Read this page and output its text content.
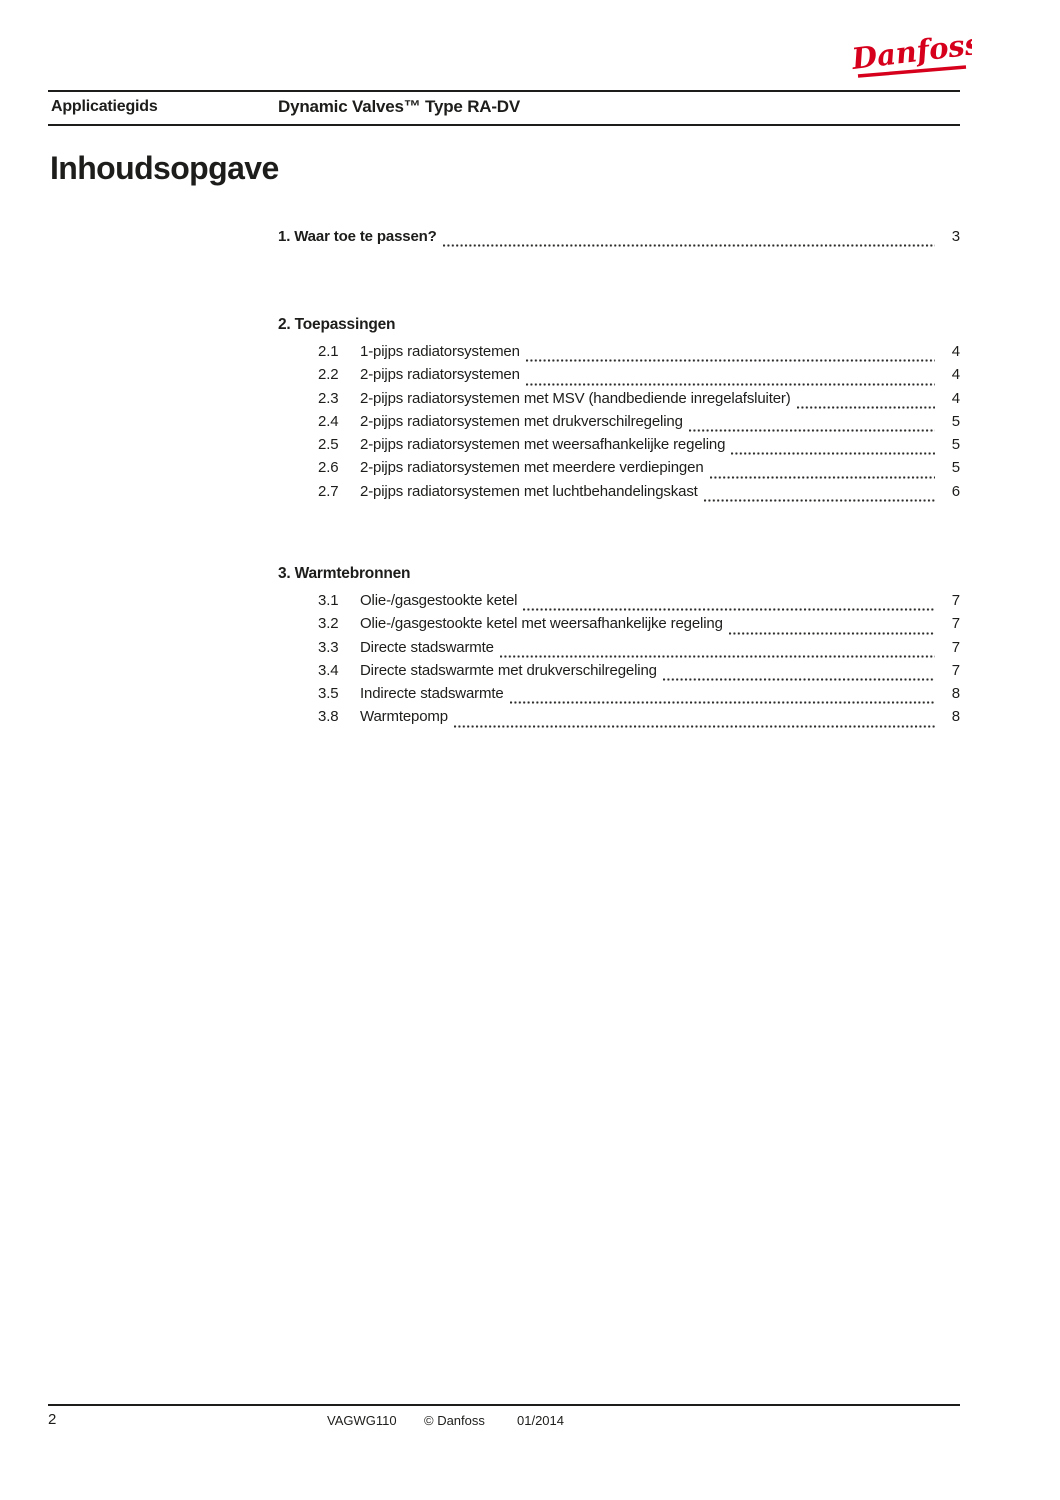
Danfoss
Applicatiegids	Dynamic Valves™ Type RA-DV
Inhoudsopgave
1. Waar toe te passen?	3
2. Toepassingen
2.1	1-pijps radiatorsystemen	4
2.2	2-pijps radiatorsystemen	4
2.3	2-pijps radiatorsystemen met MSV (handbediende inregelafsluiter)	4
2.4	2-pijps radiatorsystemen met drukverschilregeling	5
2.5	2-pijps radiatorsystemen met weersafhankelijke regeling	5
2.6	2-pijps radiatorsystemen met meerdere verdiepingen	5
2.7	2-pijps radiatorsystemen met luchtbehandelingskast	6
3. Warmtebronnen
3.1	Olie-/gasgestookte ketel	7
3.2	Olie-/gasgestookte ketel met weersafhankelijke regeling	7
3.3	Directe stadswarmte	7
3.4	Directe stadswarmte met drukverschilregeling	7
3.5	Indirecte stadswarmte	8
3.8	Warmtepomp	8
2	VAGWG110 © Danfoss 01/2014
